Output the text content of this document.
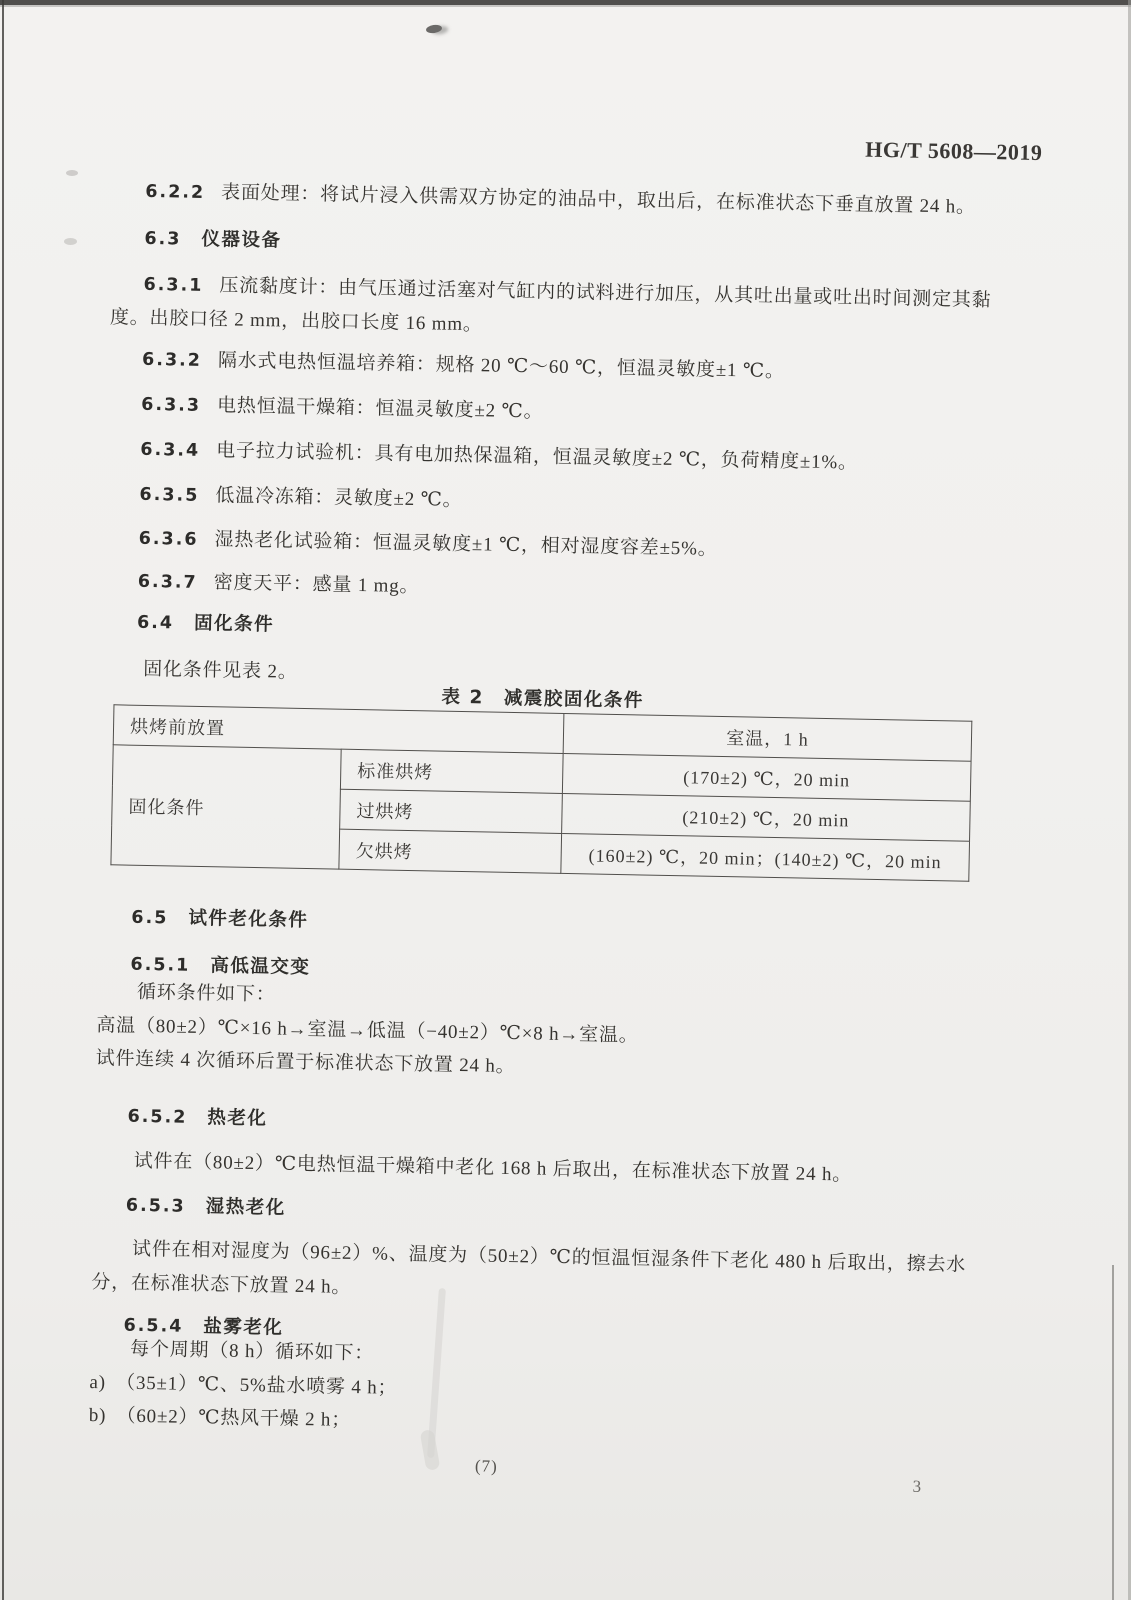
HG/T 5608—2019

6.2.2 表面处理：将试片浸入供需双方协定的油品中，取出后，在标准状态下垂直放置 24 h。

6.3 仪器设备

6.3.1 压流黏度计：由气压通过活塞对气缸内的试料进行加压，从其吐出量或吐出时间测定其黏度。出胶口径 2 mm，出胶口长度 16 mm。

6.3.2 隔水式电热恒温培养箱：规格 20 ℃～60 ℃，恒温灵敏度±1 ℃。

6.3.3 电热恒温干燥箱：恒温灵敏度±2 ℃。

6.3.4 电子拉力试验机：具有电加热保温箱，恒温灵敏度±2 ℃，负荷精度±1%。

6.3.5 低温冷冻箱：灵敏度±2 ℃。

6.3.6 湿热老化试验箱：恒温灵敏度±1 ℃，相对湿度容差±5%。

6.3.7 密度天平：感量 1 mg。

6.4 固化条件

固化条件见表 2。

表 2　减震胶固化条件
烘烤前放置		室温，1 h
固化条件	标准烘烤	(170±2) ℃，20 min
	过烘烤	(210±2) ℃，20 min
	欠烘烤	(160±2) ℃，20 min；(140±2) ℃，20 min

6.5 试件老化条件

6.5.1 高低温交变

循环条件如下：
高温（80±2）℃×16 h→室温→低温（−40±2）℃×8 h→室温。
试件连续 4 次循环后置于标准状态下放置 24 h。

6.5.2 热老化

试件在（80±2）℃电热恒温干燥箱中老化 168 h 后取出，在标准状态下放置 24 h。

6.5.3 湿热老化

试件在相对湿度为（96±2）%、温度为（50±2）℃的恒温恒湿条件下老化 480 h 后取出，擦去水分，在标准状态下放置 24 h。

6.5.4 盐雾老化

每个周期（8 h）循环如下：
a)　（35±1）℃、5%盐水喷雾 4 h；
b)　（60±2）℃热风干燥 2 h；
(7)
3
